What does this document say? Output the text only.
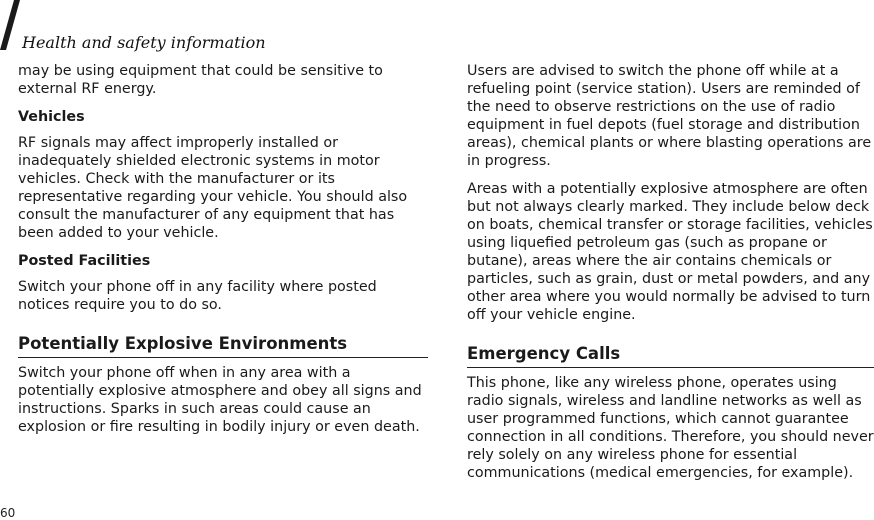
Health and safety information

may be using equipment that could be sensitive to external RF energy.

Vehicles

RF signals may affect improperly installed or inadequately shielded electronic systems in motor vehicles. Check with the manufacturer or its representative regarding your vehicle. You should also consult the manufacturer of any equipment that has been added to your vehicle.

Posted Facilities

Switch your phone off in any facility where posted notices require you to do so.

Potentially Explosive Environments

Switch your phone off when in any area with a potentially explosive atmosphere and obey all signs and instructions. Sparks in such areas could cause an explosion or fire resulting in bodily injury or even death.

Users are advised to switch the phone off while at a refueling point (service station). Users are reminded of the need to observe restrictions on the use of radio equipment in fuel depots (fuel storage and distribution areas), chemical plants or where blasting operations are in progress.

Areas with a potentially explosive atmosphere are often but not always clearly marked. They include below deck on boats, chemical transfer or storage facilities, vehicles using liquefied petroleum gas (such as propane or butane), areas where the air contains chemicals or particles, such as grain, dust or metal powders, and any other area where you would normally be advised to turn off your vehicle engine.

Emergency Calls

This phone, like any wireless phone, operates using radio signals, wireless and landline networks as well as user programmed functions, which cannot guarantee connection in all conditions. Therefore, you should never rely solely on any wireless phone for essential communications (medical emergencies, for example).

60
